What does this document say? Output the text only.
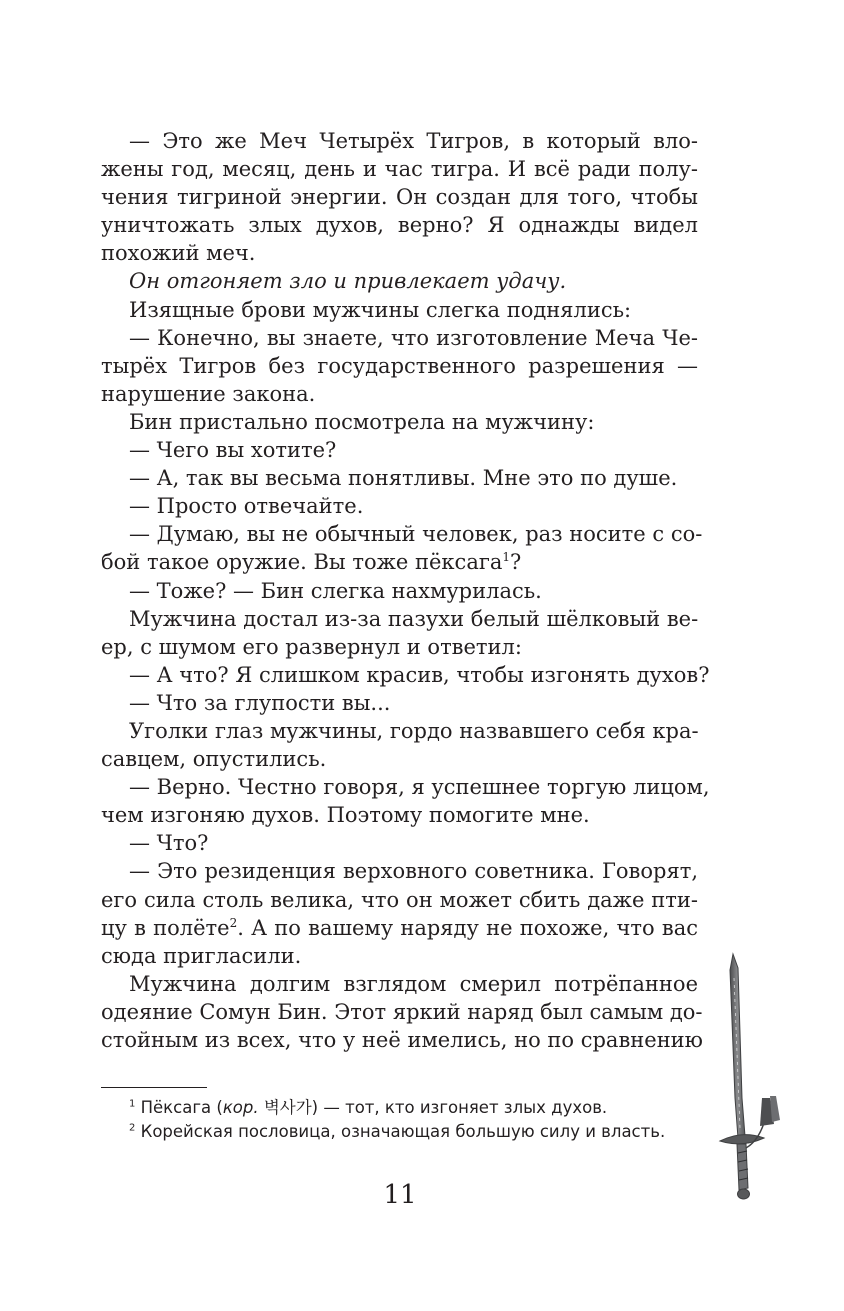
— Это же Меч Четырёх Тигров, в который вло-
жены год, месяц, день и час тигра. И всё ради полу-
чения тигриной энергии. Он создан для того, чтобы
уничтожать злых духов, верно? Я однажды видел
похожий меч.
Он отгоняет зло и привлекает удачу.
Изящные брови мужчины слегка поднялись:
— Конечно, вы знаете, что изготовление Меча Че-
тырёх Тигров без государственного разрешения —
нарушение закона.
Бин пристально посмотрела на мужчину:
— Чего вы хотите?
— А, так вы весьма понятливы. Мне это по душе.
— Просто отвечайте.
— Думаю, вы не обычный человек, раз носите с со-
бой такое оружие. Вы тоже пёксага$^1$?
— Тоже? — Бин слегка нахмурилась.
Мужчина достал из-за пазухи белый шёлковый ве-
ер, с шумом его развернул и ответил:
— А что? Я слишком красив, чтобы изгонять духов?
— Что за глупости вы...
Уголки глаз мужчины, гордо назвавшего себя кра-
савцем, опустились.
— Верно. Честно говоря, я успешнее торгую лицом,
чем изгоняю духов. Поэтому помогите мне.
— Что?
— Это резиденция верховного советника. Говорят,
его сила столь велика, что он может сбить даже пти-
цу в полёте$^2$. А по вашему наряду не похоже, что вас
сюда пригласили.
Мужчина долгим взглядом смерил потрёпанное
одеяние Сомун Бин. Этот яркий наряд был самым до-
стойным из всех, что у неё имелись, но по сравнению
$^1$ Пёксага (кор. 벽사가) — тот, кто изгоняет злых духов.
$^2$ Корейская пословица, означающая большую силу и власть.
11
